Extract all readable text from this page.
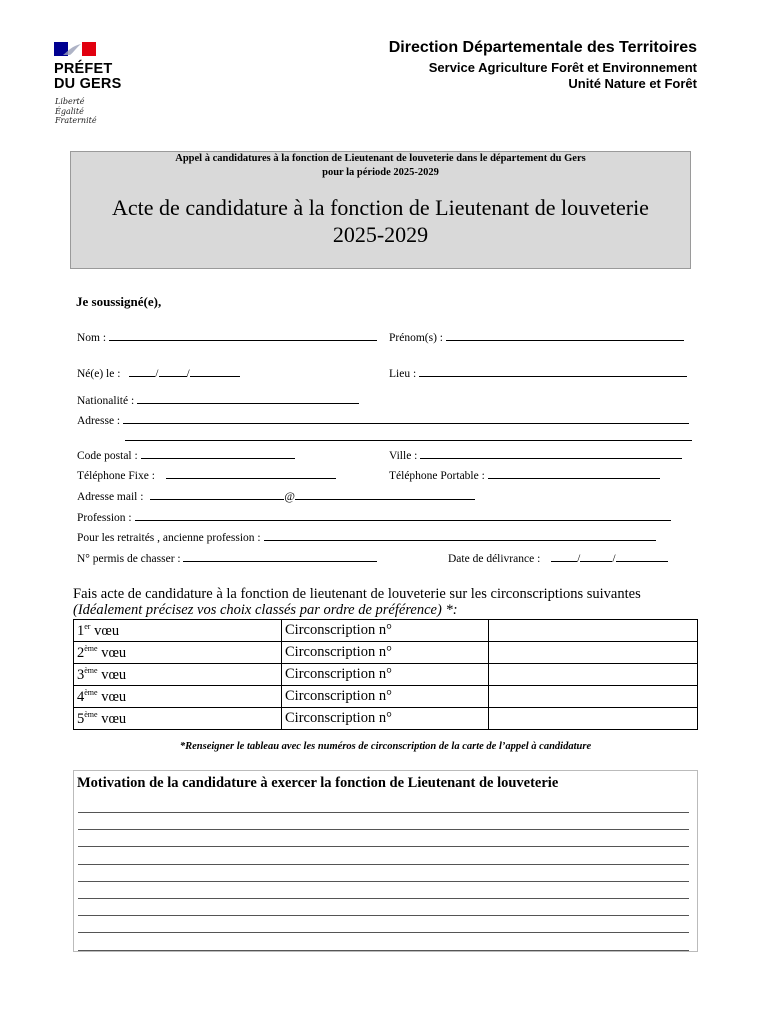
PRÉFET
DU GERS
Liberté
Égalité
Fraternité
Direction Départementale des Territoires
Service Agriculture Forêt et Environnement
Unité Nature et Forêt
Appel à candidatures à la fonction de Lieutenant de louveterie dans le département du Gers
pour la période 2025-2029
Acte de candidature à la fonction de Lieutenant de louveterie
2025-2029
Je soussigné(e),
Nom :	Prénom(s) :
Né(e) le :	/ /	Lieu :
Nationalité :
Adresse :
Code postal :	Ville :
Téléphone Fixe :	Téléphone Portable :
Adresse mail :	@
Profession :
Pour les retraités , ancienne profession :
N° permis de chasser :	Date de délivrance :	/	/
Fais acte de candidature à la fonction de lieutenant de louveterie sur les circonscriptions suivantes
(Idéalement précisez vos choix classés par ordre de préférence) *:
1er vœu	Circonscription n°	
2ème vœu	Circonscription n°	
3ème vœu	Circonscription n°	
4ème vœu	Circonscription n°	
5ème vœu	Circonscription n°	
*Renseigner le tableau avec les numéros de circonscription de la carte de l’appel à candidature
Motivation de la candidature à exercer la fonction de Lieutenant de louveterie
